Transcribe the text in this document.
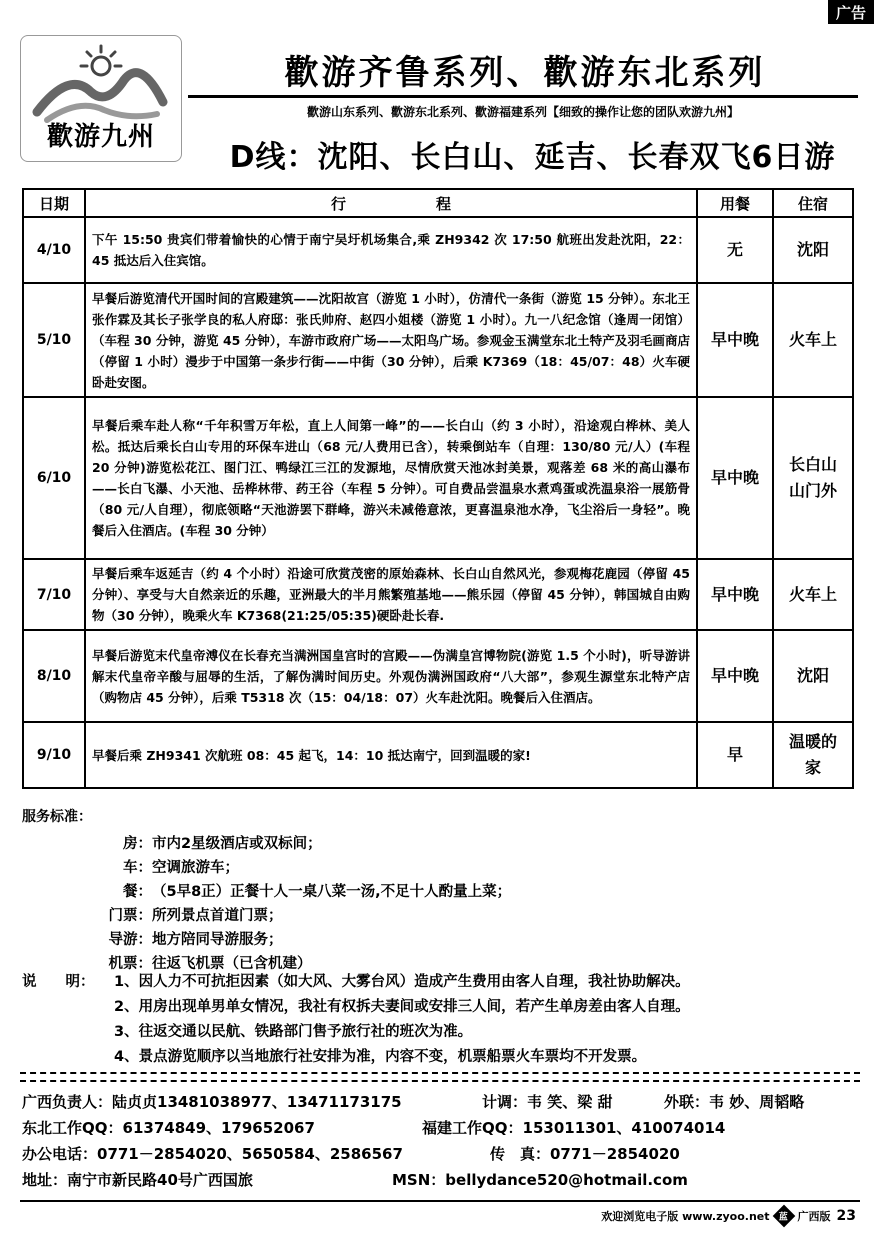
广告
歡游九州
歡游齐鲁系列、歡游东北系列
歡游山东系列、歡游东北系列、歡游福建系列【细致的操作让您的团队欢游九州】
D线：沈阳、长白山、延吉、长春双飞6日游
日期	行程	用餐	住宿
4/10	下午 15:50 贵宾们带着愉快的心情于南宁吴圩机场集合,乘 ZH9342 次 17:50 航班出发赴沈阳，22：45 抵达后入住宾馆。	无	沈阳
5/10	早餐后游览清代开国时间的宫殿建筑——沈阳故宫（游览 1 小时），仿清代一条街（游览 15 分钟）。东北王张作霖及其长子张学良的私人府邸：张氏帅府、赵四小姐楼（游览 1 小时）。九一八纪念馆（逢周一闭馆）（车程 30 分钟，游览 45 分钟），车游市政府广场——太阳鸟广场。参观金玉满堂东北土特产及羽毛画商店（停留 1 小时）漫步于中国第一条步行街——中街（30 分钟），后乘 K7369（18：45/07：48）火车硬卧赴安图。	早中晚	火车上
6/10	早餐后乘车赴人称“千年积雪万年松，直上人间第一峰”的——长白山（约 3 小时），沿途观白桦林、美人松。抵达后乘长白山专用的环保车进山（68 元/人费用已含），转乘倒站车（自理：130/80 元/人）(车程 20 分钟)游览松花江、图门江、鸭绿江三江的发源地，尽情欣赏天池冰封美景，观落差 68 米的高山瀑布——长白飞瀑、小天池、岳桦林带、药王谷（车程 5 分钟）。可自费品尝温泉水煮鸡蛋或洗温泉浴一展筋骨（80 元/人自理），彻底领略“天池游罢下群峰，游兴未减倦意浓，更喜温泉池水净，飞尘浴后一身轻”。晚餐后入住酒店。(车程 30 分钟）	早中晚	长白山山门外
7/10	早餐后乘车返延吉（约 4 个小时）沿途可欣赏茂密的原始森林、长白山自然风光，参观梅花鹿园（停留 45 分钟）、享受与大自然亲近的乐趣，亚洲最大的半月熊繁殖基地——熊乐园（停留 45 分钟），韩国城自由购物（30 分钟），晚乘火车 K7368(21:25/05:35)硬卧赴长春.	早中晚	火车上
8/10	早餐后游览末代皇帝溥仪在长春充当满洲国皇宫时的宫殿——伪满皇宫博物院(游览 1.5 个小时)，听导游讲解末代皇帝辛酸与屈辱的生活，了解伪满时间历史。外观伪满洲国政府“八大部”，参观生源堂东北特产店（购物店 45 分钟），后乘 T5318 次（15：04/18：07）火车赴沈阳。晚餐后入住酒店。	早中晚	沈阳
9/10	早餐后乘 ZH9341 次航班 08：45 起飞，14：10 抵达南宁，回到温暖的家!	早	温暖的家
服务标准：
房： 市内2星级酒店或双标间；
车： 空调旅游车；
餐： （5早8正）正餐十人一桌八菜一汤,不足十人酌量上菜；
门票： 所列景点首道门票；
导游： 地方陪同导游服务；
机票： 往返飞机票（已含机建）
说　　明：	1、因人力不可抗拒因素（如大风、大雾台风）造成产生费用由客人自理，我社协助解决。
2、用房出现单男单女情况，我社有权拆夫妻间或安排三人间，若产生单房差由客人自理。
3、往返交通以民航、铁路部门售予旅行社的班次为准。
4、景点游览顺序以当地旅行社安排为准，内容不变，机票船票火车票均不开发票。
广西负责人：陆贞贞13481038977、13471173175	计调：韦 笑、梁 甜	外联：韦 妙、周韬略
东北工作QQ：61374849、179652067	福建工作QQ：153011301、410074014
办公电话：0771－2854020、5650584、2586567	传　真：0771－2854020
地址：南宁市新民路40号广西国旅	MSN：bellydance520@hotmail.com
欢迎浏览电子版 www.zyoo.net 蓝 广西版 23
